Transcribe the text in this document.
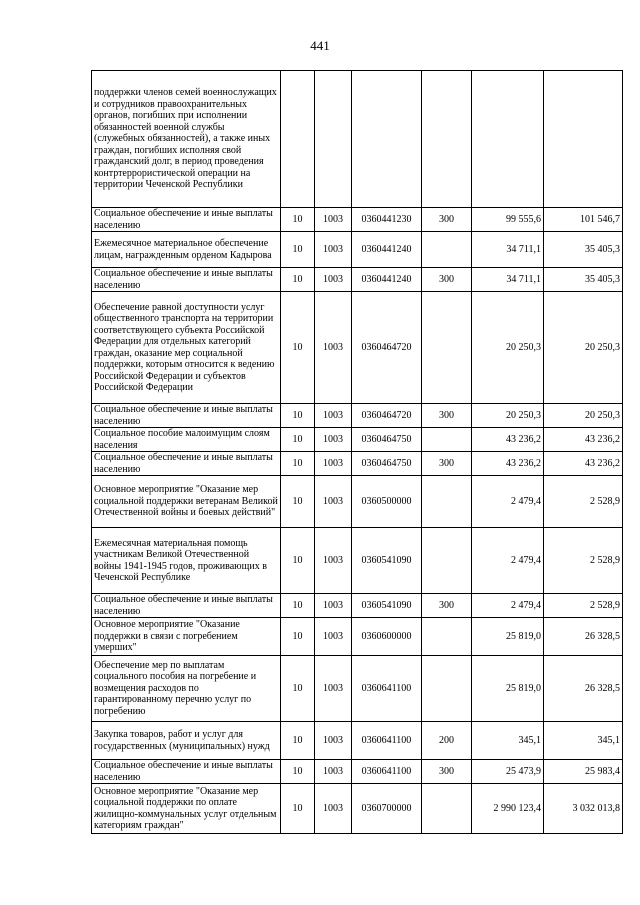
441
поддержки членов семей военнослужащих и сотрудников правоохранительных органов, погибших при исполнении обязанностей военной службы (служебных обязанностей), а также иных граждан, погибших исполняя свой гражданский долг, в период проведения контртеррористической операции на территории Чеченской Республики						
Социальное обеспечение и иные выплаты населению	10	1003	0360441230	300	99 555,6	101 546,7
Ежемесячное материальное обеспечение лицам, награжденным орденом Кадырова	10	1003	0360441240		34 711,1	35 405,3
Социальное обеспечение и иные выплаты населению	10	1003	0360441240	300	34 711,1	35 405,3
Обеспечение равной доступности услуг общественного транспорта на территории соответствующего субъекта Российской Федерации для отдельных категорий граждан, оказание мер социальной поддержки, которым относится к ведению Российской Федерации и субъектов Российской Федерации	10	1003	0360464720		20 250,3	20 250,3
Социальное обеспечение и иные выплаты населению	10	1003	0360464720	300	20 250,3	20 250,3
Социальное пособие малоимущим слоям населения	10	1003	0360464750		43 236,2	43 236,2
Социальное обеспечение и иные выплаты населению	10	1003	0360464750	300	43 236,2	43 236,2
Основное мероприятие "Оказание мер социальной поддержки ветеранам Великой Отечественной войны и боевых действий"	10	1003	0360500000		2 479,4	2 528,9
Ежемесячная материальная помощь участникам Великой Отечественной войны 1941-1945 годов, проживающих в Чеченской Республике	10	1003	0360541090		2 479,4	2 528,9
Социальное обеспечение и иные выплаты населению	10	1003	0360541090	300	2 479,4	2 528,9
Основное мероприятие "Оказание поддержки в связи с погребением умерших"	10	1003	0360600000		25 819,0	26 328,5
Обеспечение мер по выплатам социального пособия на погребение и возмещения расходов по гарантированному перечню услуг по погребению	10	1003	0360641100		25 819,0	26 328,5
Закупка товаров, работ и услуг для государственных (муниципальных) нужд	10	1003	0360641100	200	345,1	345,1
Социальное обеспечение и иные выплаты населению	10	1003	0360641100	300	25 473,9	25 983,4
Основное мероприятие "Оказание мер социальной поддержки по оплате жилищно-коммунальных услуг отдельным категориям граждан"	10	1003	0360700000		2 990 123,4	3 032 013,8
